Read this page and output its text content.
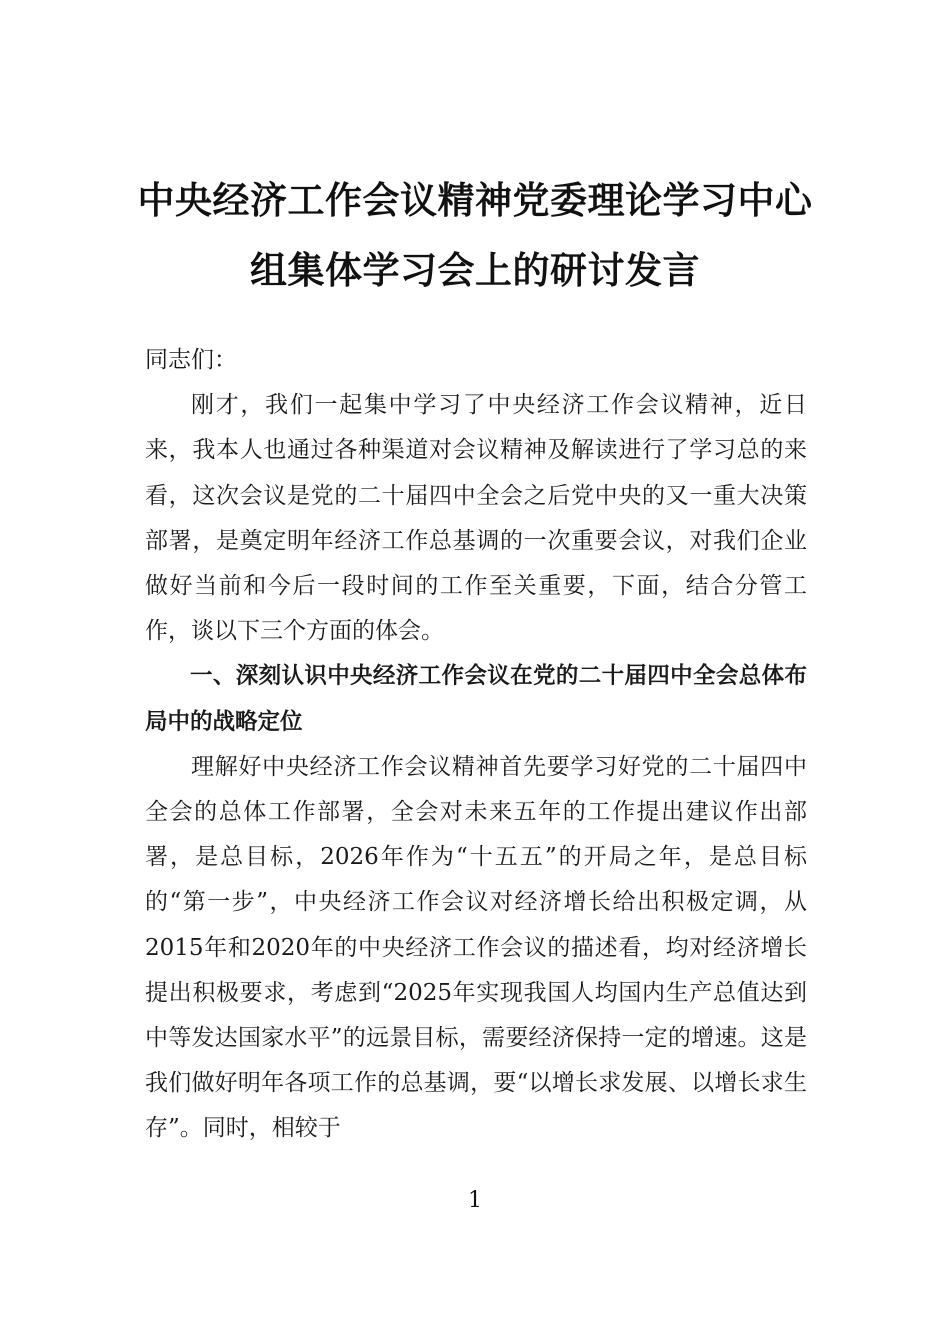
中央经济工作会议精神党委理论学习中心
组集体学习会上的研讨发言

同志们：

刚才，我们一起集中学习了中央经济工作会议精神，近日来，我本人也通过各种渠道对会议精神及解读进行了学习总的来看，这次会议是党的二十届四中全会之后党中央的又一重大决策部署，是奠定明年经济工作总基调的一次重要会议，对我们企业做好当前和今后一段时间的工作至关重要，下面，结合分管工作，谈以下三个方面的体会。

一、深刻认识中央经济工作会议在党的二十届四中全会总体布局中的战略定位

理解好中央经济工作会议精神首先要学习好党的二十届四中全会的总体工作部署，全会对未来五年的工作提出建议作出部署，是总目标，2026年作为“十五五”的开局之年，是总目标的“第一步”，中央经济工作会议对经济增长给出积极定调，从2015年和2020年的中央经济工作会议的描述看，均对经济增长提出积极要求，考虑到“2025年实现我国人均国内生产总值达到中等发达国家水平”的远景目标，需要经济保持一定的增速。这是我们做好明年各项工作的总基调，要“以增长求发展、以增长求生存”。同时，相较于

1
